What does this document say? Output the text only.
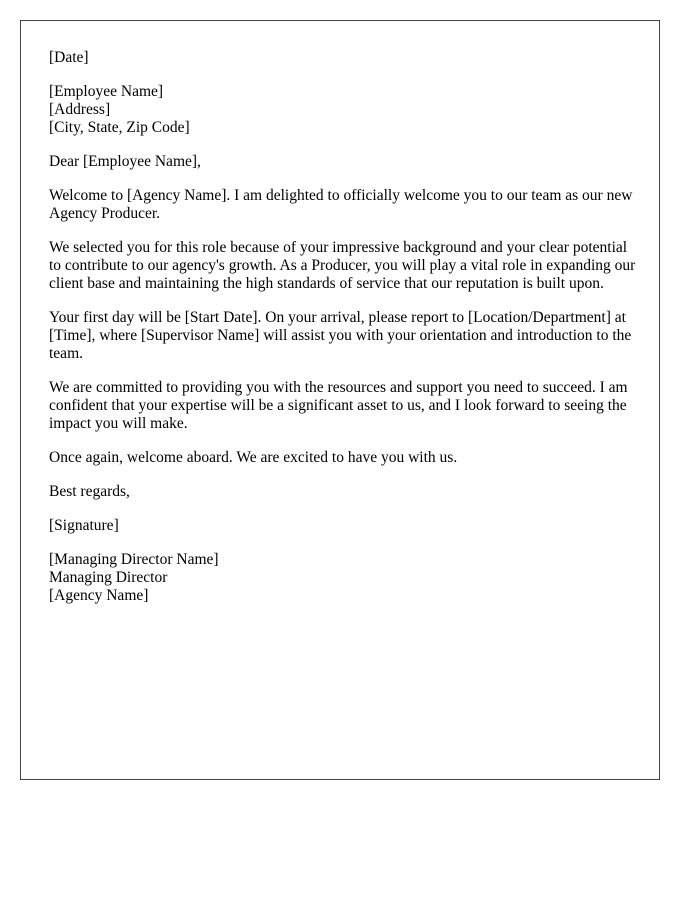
[Date]
[Employee Name]
[Address]
[City, State, Zip Code]
Dear [Employee Name],

Welcome to [Agency Name]. I am delighted to officially welcome you to our team as our new Agency Producer.

We selected you for this role because of your impressive background and your clear potential to contribute to our agency's growth. As a Producer, you will play a vital role in expanding our client base and maintaining the high standards of service that our reputation is built upon.

Your first day will be [Start Date]. On your arrival, please report to [Location/Department] at [Time], where [Supervisor Name] will assist you with your orientation and introduction to the team.

We are committed to providing you with the resources and support you need to succeed. I am confident that your expertise will be a significant asset to us, and I look forward to seeing the impact you will make.

Once again, welcome aboard. We are excited to have you with us.

Best regards,
[Signature]
[Managing Director Name]
Managing Director
[Agency Name]
